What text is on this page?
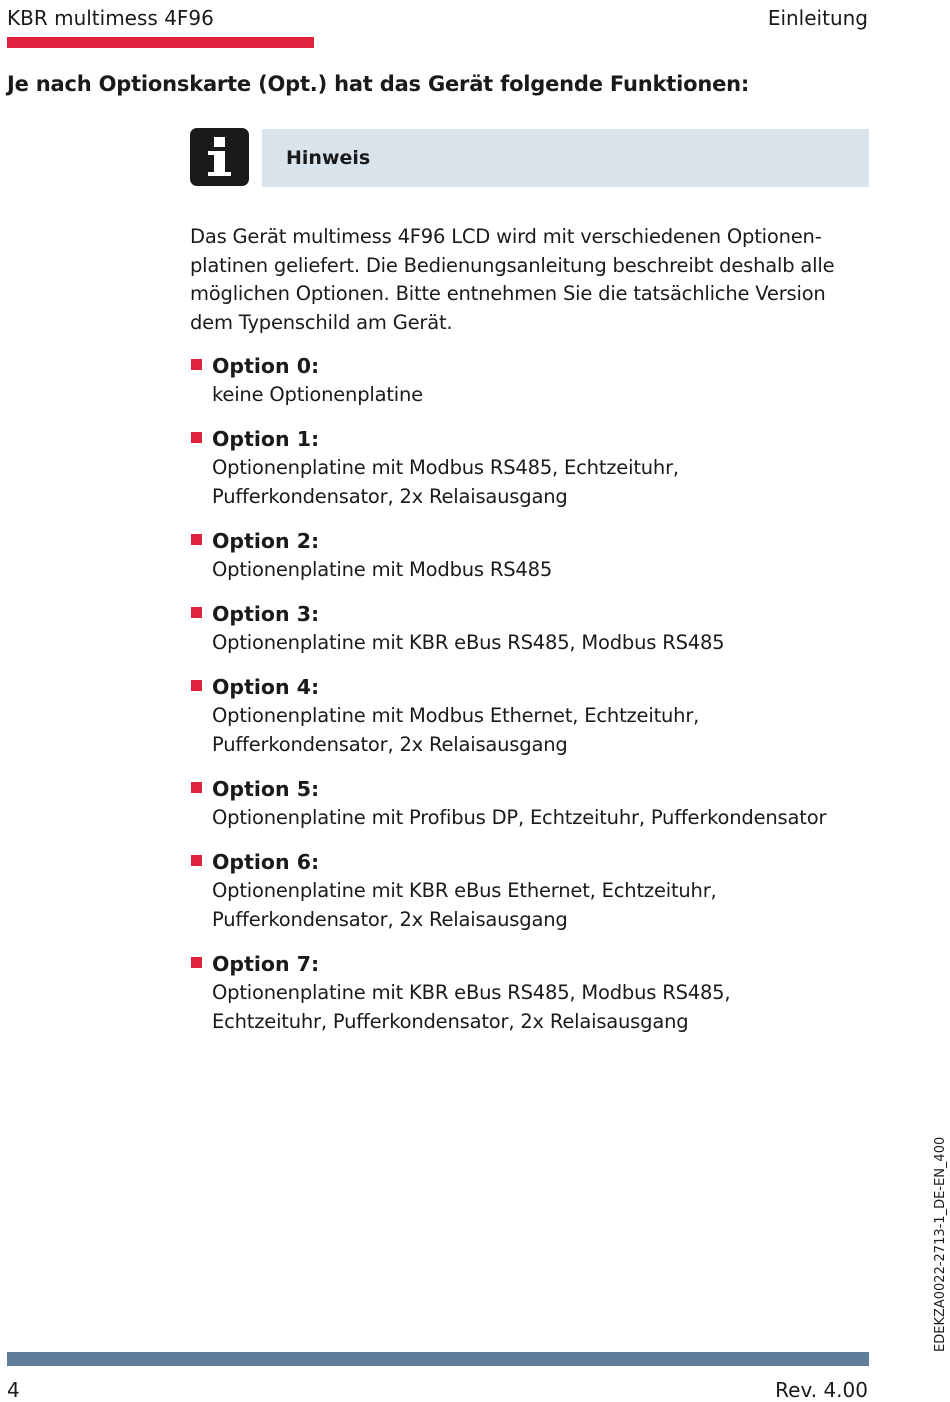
KBR multimess 4F96	Einleitung
Je nach Optionskarte (Opt.) hat das Gerät folgende Funktionen:
Hinweis
Das Gerät multimess 4F96 LCD wird mit verschiedenen Optionen-
platinen geliefert. Die Bedienungsanleitung beschreibt deshalb alle
möglichen Optionen. Bitte entnehmen Sie die tatsächliche Version
dem Typenschild am Gerät.
Option 0:
keine Optionenplatine
Option 1:
Optionenplatine mit Modbus RS485, Echtzeituhr,
Pufferkondensator, 2x Relaisausgang
Option 2:
Optionenplatine mit Modbus RS485
Option 3:
Optionenplatine mit KBR eBus RS485, Modbus RS485
Option 4:
Optionenplatine mit Modbus Ethernet, Echtzeituhr,
Pufferkondensator, 2x Relaisausgang
Option 5:
Optionenplatine mit Profibus DP, Echtzeituhr, Pufferkondensator
Option 6:
Optionenplatine mit KBR eBus Ethernet, Echtzeituhr,
Pufferkondensator, 2x Relaisausgang
Option 7:
Optionenplatine mit KBR eBus RS485, Modbus RS485,
Echtzeituhr, Pufferkondensator, 2x Relaisausgang
EDEKZA0022-2713-1_DE-EN_400
4	Rev. 4.00
